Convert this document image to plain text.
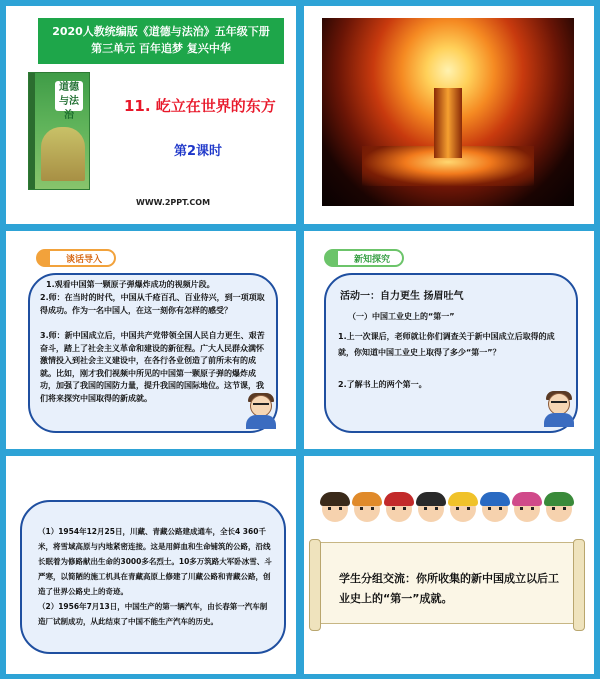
2020人教统编版《道德与法治》五年级下册
第三单元 百年追梦 复兴中华
道德与法治
11. 屹立在世界的东方
第2课时
WWW.2PPT.COM
谈话导入
1.观看中国第一颗原子弹爆炸成功的视频片段。
2.师：在当时的时代，中国从千疮百孔、百业待兴，到一项项取得成功。作为一名中国人，在这一刻你有怎样的感受？
3.师：新中国成立后，中国共产党带领全国人民自力更生、艰苦奋斗，踏上了社会主义革命和建设的新征程。广大人民群众满怀激情投入到社会主义建设中，在各行各业创造了前所未有的成就。比如，刚才我们视频中所见的中国第一颗原子弹的爆炸成功，加强了我国的国防力量，提升我国的国际地位。这节课，我们将来探究中国取得的新成就。
新知探究
活动一：自力更生 扬眉吐气
（一）中国工业史上的“第一”
1.上一次课后，老师就让你们调查关于新中国成立后取得的成就，你知道中国工业史上取得了多少“第一”？
2.了解书上的两个第一。
（1）1954年12月25日，川藏、青藏公路建成通车，全长4 360千米，将雪域高原与内地紧密连接。这是用鲜血和生命铺筑的公路，沿线长眠着为修路献出生命的3000多名烈士。10多万筑路大军卧冰雪、斗严寒，以简陋的施工机具在青藏高原上修建了川藏公路和青藏公路，创造了世界公路史上的奇迹。
（2）1956年7月13日，中国生产的第一辆汽车，由长春第一汽车制造厂试制成功，从此结束了中国不能生产汽车的历史。
学生分组交流：你所收集的新中国成立以后工业史上的“第一”成就。
